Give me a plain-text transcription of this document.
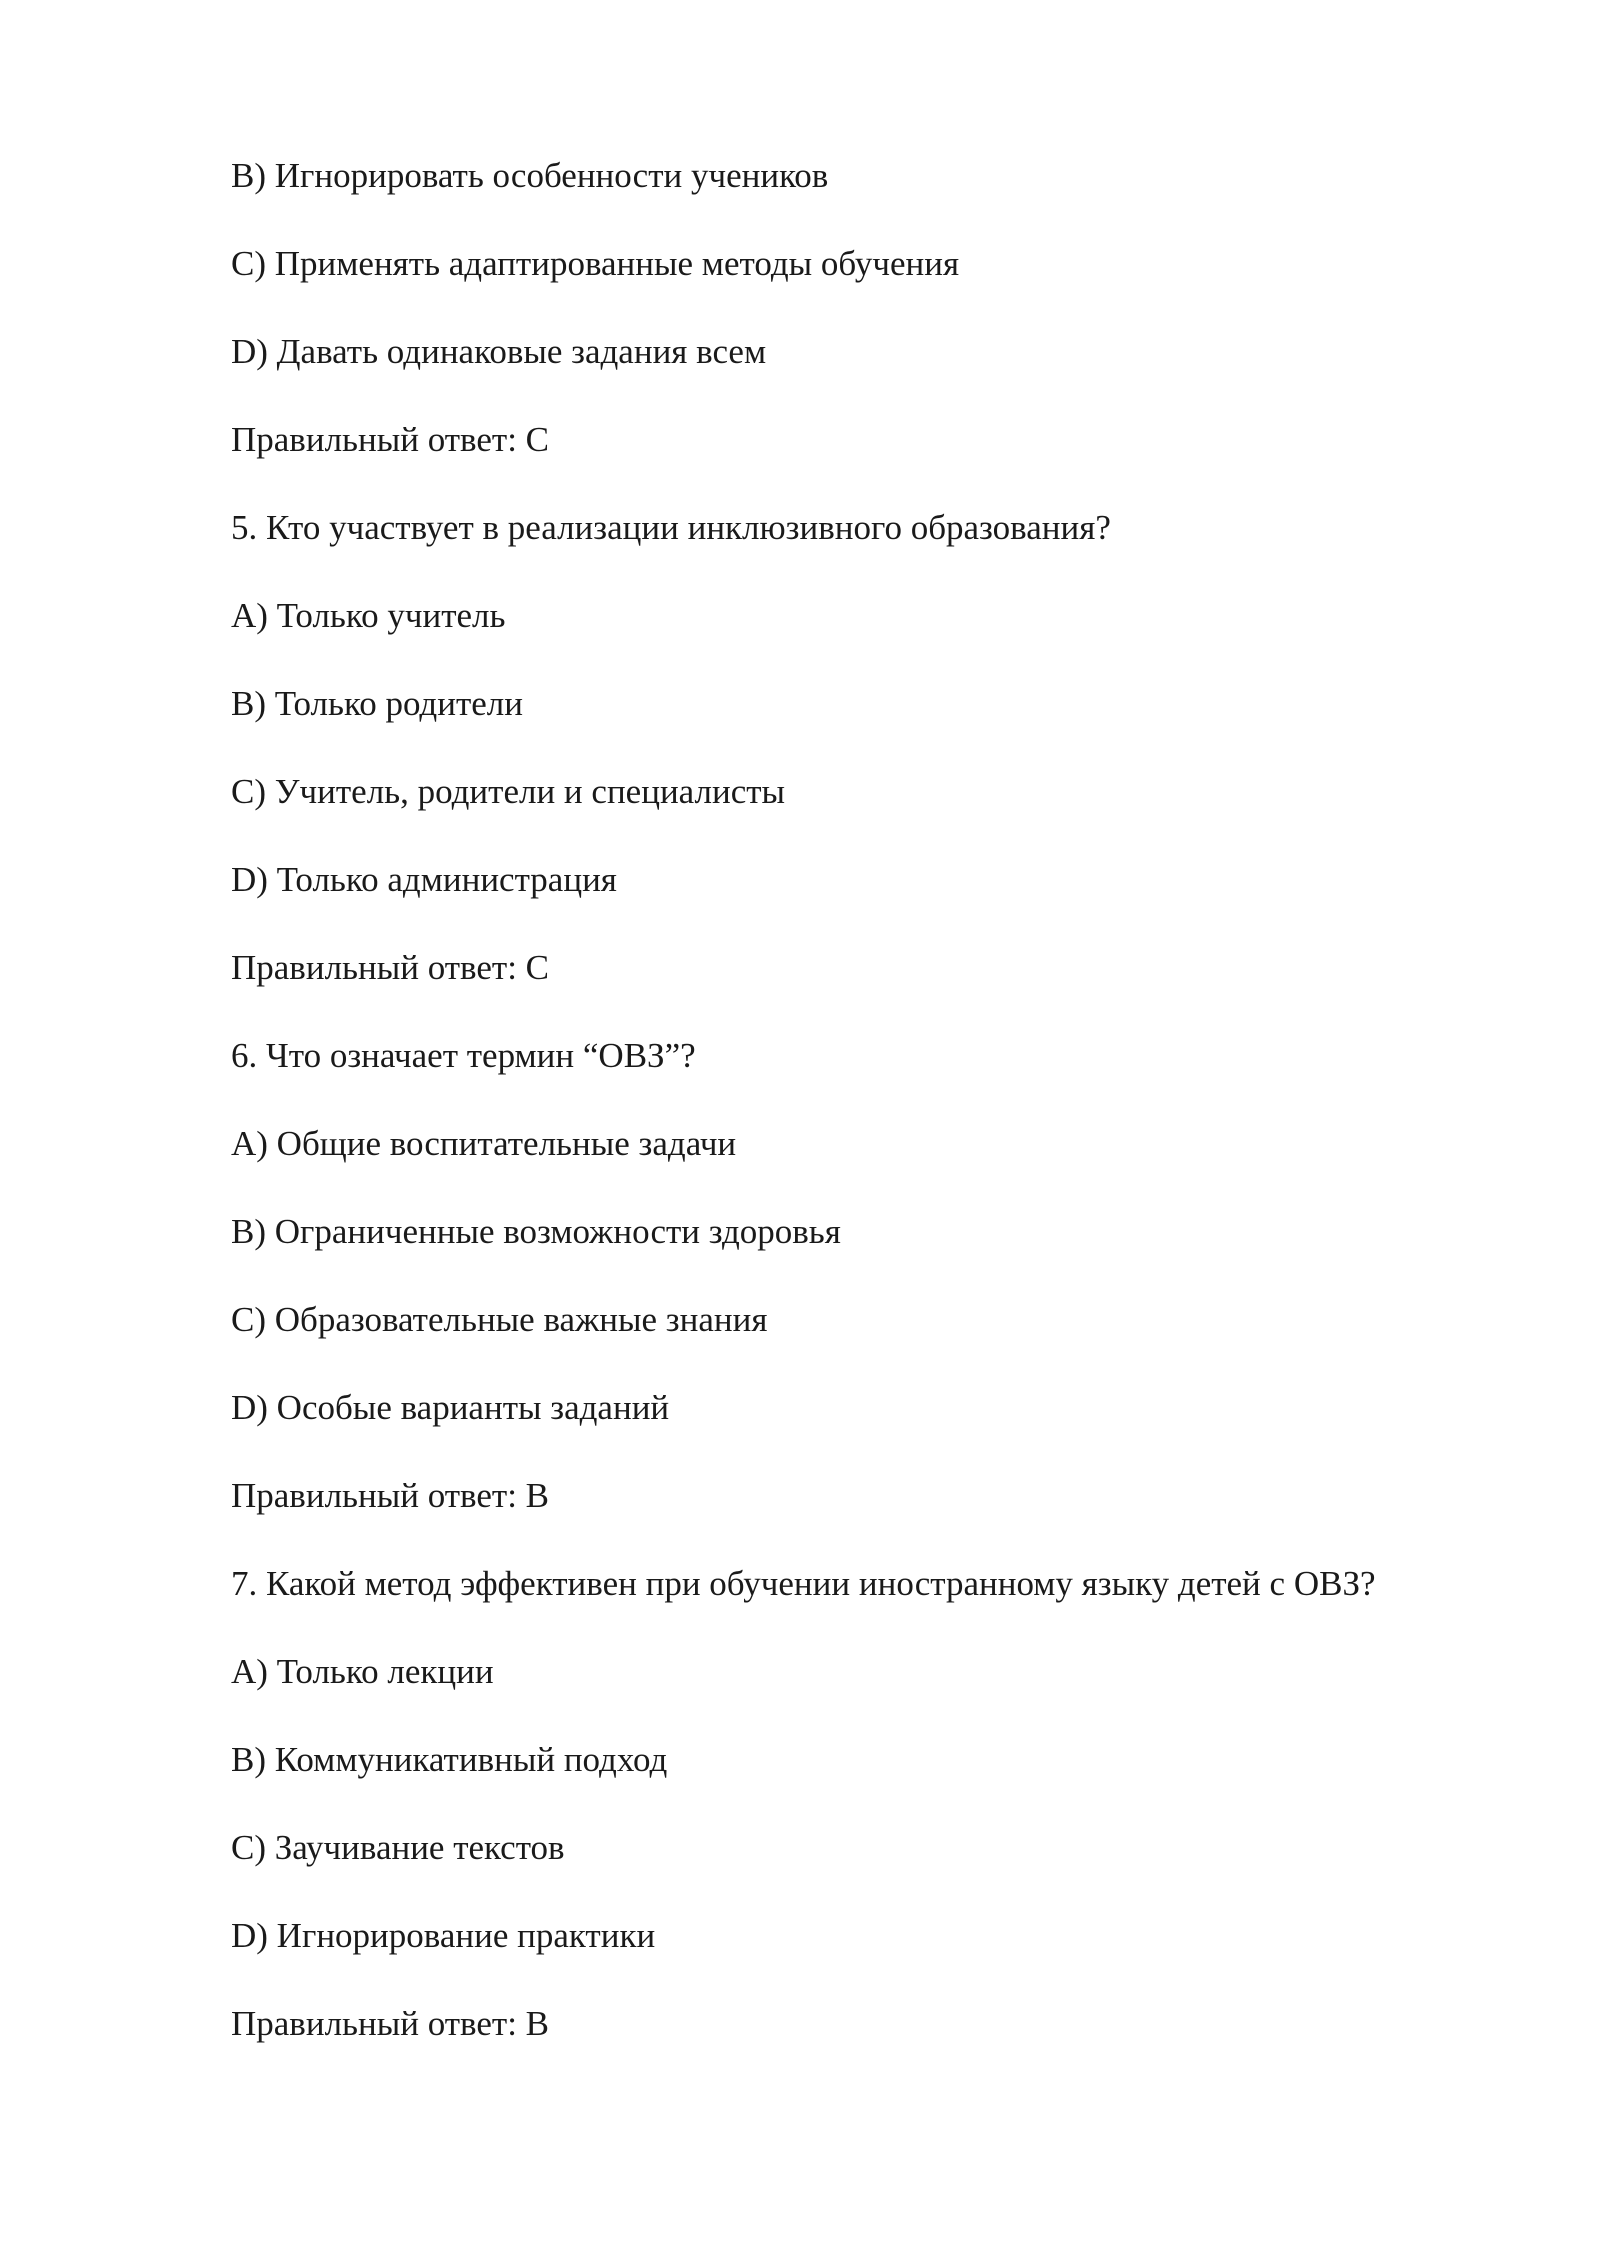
B) Игнорировать особенности учеников

C) Применять адаптированные методы обучения

D) Давать одинаковые задания всем

Правильный ответ: C

5. Кто участвует в реализации инклюзивного образования?

A) Только учитель

B) Только родители

C) Учитель, родители и специалисты

D) Только администрация

Правильный ответ: C

6. Что означает термин “ОВЗ”?

A) Общие воспитательные задачи

B) Ограниченные возможности здоровья

C) Образовательные важные знания

D) Особые варианты заданий

Правильный ответ: B

7. Какой метод эффективен при обучении иностранному языку детей с ОВЗ?

A) Только лекции

B) Коммуникативный подход

C) Заучивание текстов

D) Игнорирование практики

Правильный ответ: B
